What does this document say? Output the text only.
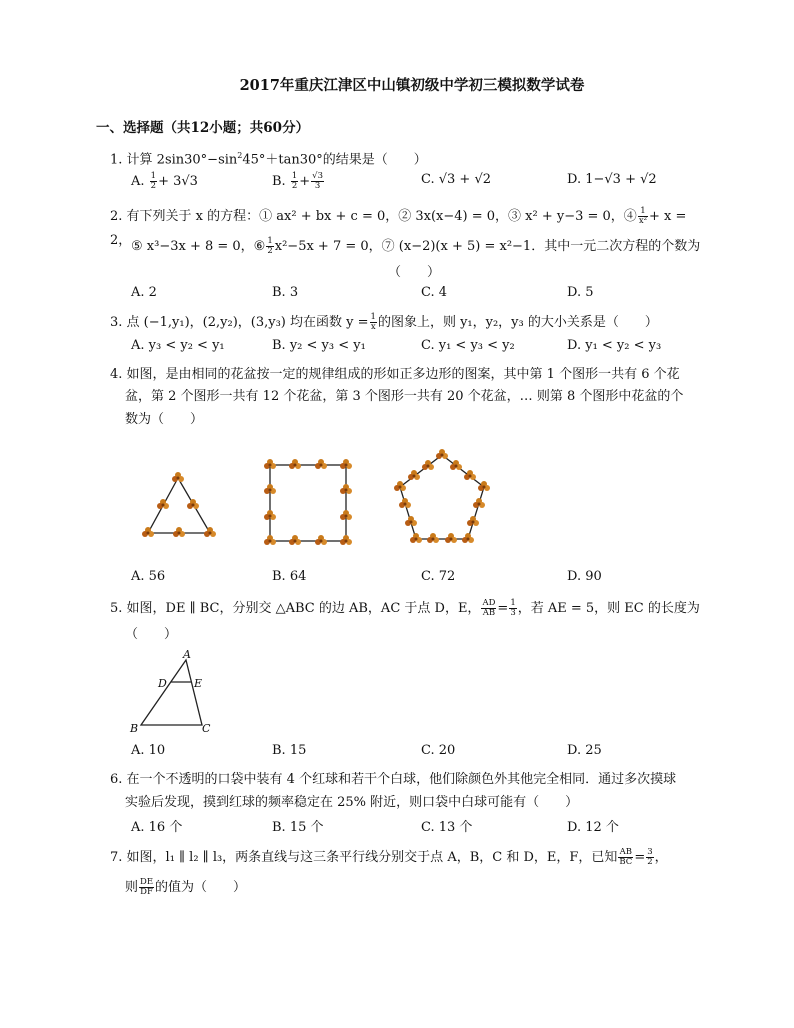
2017年重庆江津区中山镇初级中学初三模拟数学试卷
一、选择题（共12小题；共60分）
1. 计算 $2\sin 30^\circ-\sin^245^\circ+\tan 30^\circ$的结果是（　　）
A. $\frac{1}{2} + 3√3$	B. $\frac{1}{2} + \frac{√3}{3}$	C. √3 + √2	D. 1−√3 + √2
2. 有下列关于 x 的方程：① ax² + bx + c = 0，② 3x(x−4) = 0，③ x² + y−3 = 0，④ $\frac{1}{\text{x²}} + x = 2$， ⑤ x³−3x + 8 = 0，⑥ $\frac{1}{2} x^2-5x + 7 = 0$，⑦ (x−2)(x + 5) = x²−1．其中一元二次方程的个数为
（　　）
A. 2	B. 3	C. 4	D. 5
3. 点 (−1,y₁)，(2,y₂)，(3,y₃) 均在函数 $y = \frac{1}{x}$ 的图象上，则 y₁，y₂，y₃ 的大小关系是（　　）
A. y₃ < y₂ < y₁	B. y₂ < y₃ < y₁	C. y₁ < y₃ < y₂	D. y₁ < y₂ < y₃
4. 如图，是由相同的花盆按一定的规律组成的形如正多边形的图案，其中第 1 个图形一共有 6 个花
盆，第 2 个图形一共有 12 个花盆，第 3 个图形一共有 20 个花盆，… 则第 8 个图形中花盆的个
数为（　　）
A. 56	B. 64	C. 72	D. 90
5. 如图，DE ∥ BC，分别交 △ABC 的边 AB，AC 于点 D，E， $\frac{AD}{AB} = \frac{1}{3}$ ，若 AE = 5，则 EC 的长度为
（　　）
A
D E
B	C
A. 10	B. 15	C. 20	D. 25
6. 在一个不透明的口袋中装有 4 个红球和若干个白球，他们除颜色外其他完全相同．通过多次摸球
实验后发现，摸到红球的频率稳定在 25% 附近，则口袋中白球可能有（　　）
A. 16 个	B. 15 个	C. 13 个	D. 12 个
7. 如图，l₁ ∥ l₂ ∥ l₃，两条直线与这三条平行线分别交于点 A，B，C 和 D，E，F，已知 $\frac{AB}{BC} = \frac{3}{2}$ ，
则 $\frac{DE}{DF}$ 的值为（　　）
